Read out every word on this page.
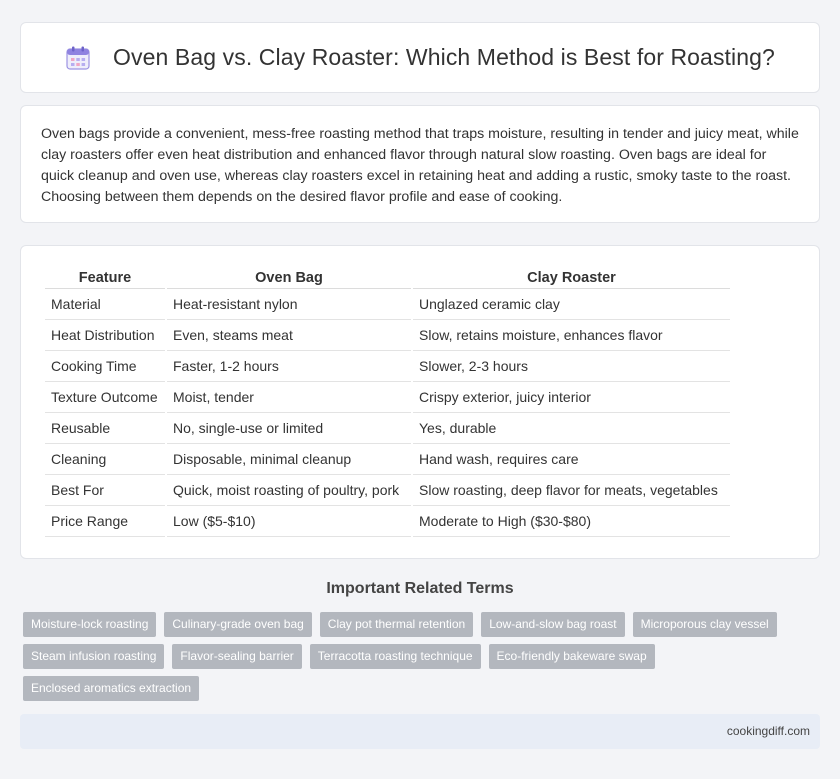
Oven Bag vs. Clay Roaster: Which Method is Best for Roasting?

Oven bags provide a convenient, mess-free roasting method that traps moisture, resulting in tender and juicy meat, while clay roasters offer even heat distribution and enhanced flavor through natural slow roasting. Oven bags are ideal for quick cleanup and oven use, whereas clay roasters excel in retaining heat and adding a rustic, smoky taste to the roast. Choosing between them depends on the desired flavor profile and ease of cooking.

Feature	Oven Bag	Clay Roaster
Material	Heat-resistant nylon	Unglazed ceramic clay
Heat Distribution	Even, steams meat	Slow, retains moisture, enhances flavor
Cooking Time	Faster, 1-2 hours	Slower, 2-3 hours
Texture Outcome	Moist, tender	Crispy exterior, juicy interior
Reusable	No, single-use or limited	Yes, durable
Cleaning	Disposable, minimal cleanup	Hand wash, requires care
Best For	Quick, moist roasting of poultry, pork	Slow roasting, deep flavor for meats, vegetables
Price Range	Low ($5-$10)	Moderate to High ($30-$80)
Important Related Terms
Moisture-lock roasting	Culinary-grade oven bag	Clay pot thermal retention	Low-and-slow bag roast	Microporous clay vessel
Steam infusion roasting	Flavor-sealing barrier	Terracotta roasting technique	Eco-friendly bakeware swap
Enclosed aromatics extraction
cookingdiff.com
